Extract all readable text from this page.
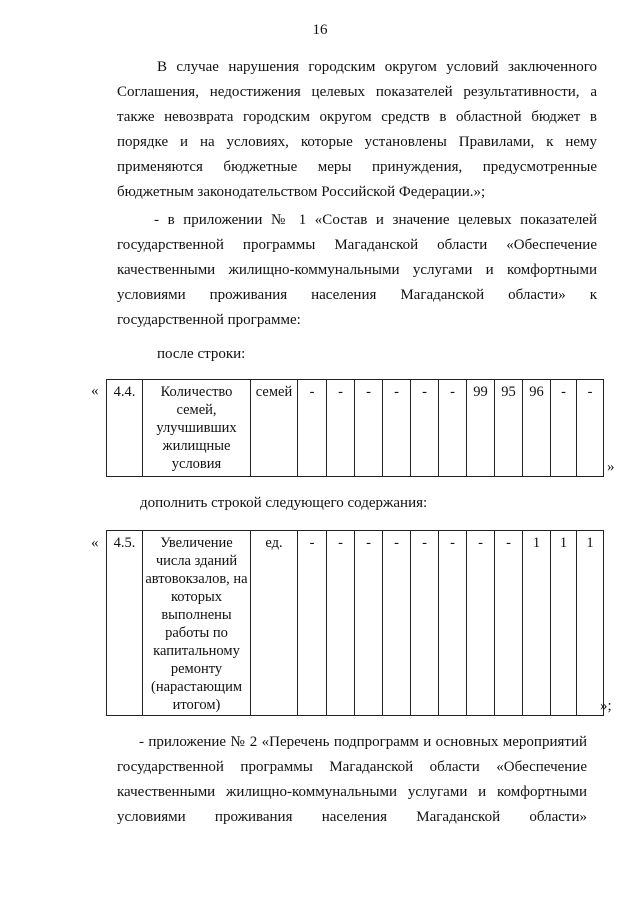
16
В случае нарушения городским округом условий заключенного
Соглашения, недостижения целевых показателей результативности, а
также невозврата городским округом средств в областной бюджет в
порядке и на условиях, которые установлены Правилами, к нему
применяются бюджетные меры принуждения, предусмотренные
бюджетным законодательством Российской Федерации.»;
- в приложении № 1 «Состав и значение целевых показателей
государственной программы Магаданской области «Обеспечение
качественными жилищно-коммунальными услугами и комфортными
условиями проживания населения Магаданской области» к
государственной программе:
после строки:
« 4.4.	Количество семей, улучшивших жилищные условия	семей	-	-	-	-	-	-	99	95	96	-	-
»
дополнить строкой следующего содержания:
« 4.5.	Увеличение числа зданий автовокзалов, на которых выполнены работы по капитальному ремонту (нарастающим итогом)	ед.	-	-	-	-	-	-	-	-	1	1	1
»;
- приложение № 2 «Перечень подпрограмм и основных мероприятий
государственной программы Магаданской области «Обеспечение
качественными жилищно-коммунальными услугами и комфортными
условиями проживания населения Магаданской области»
